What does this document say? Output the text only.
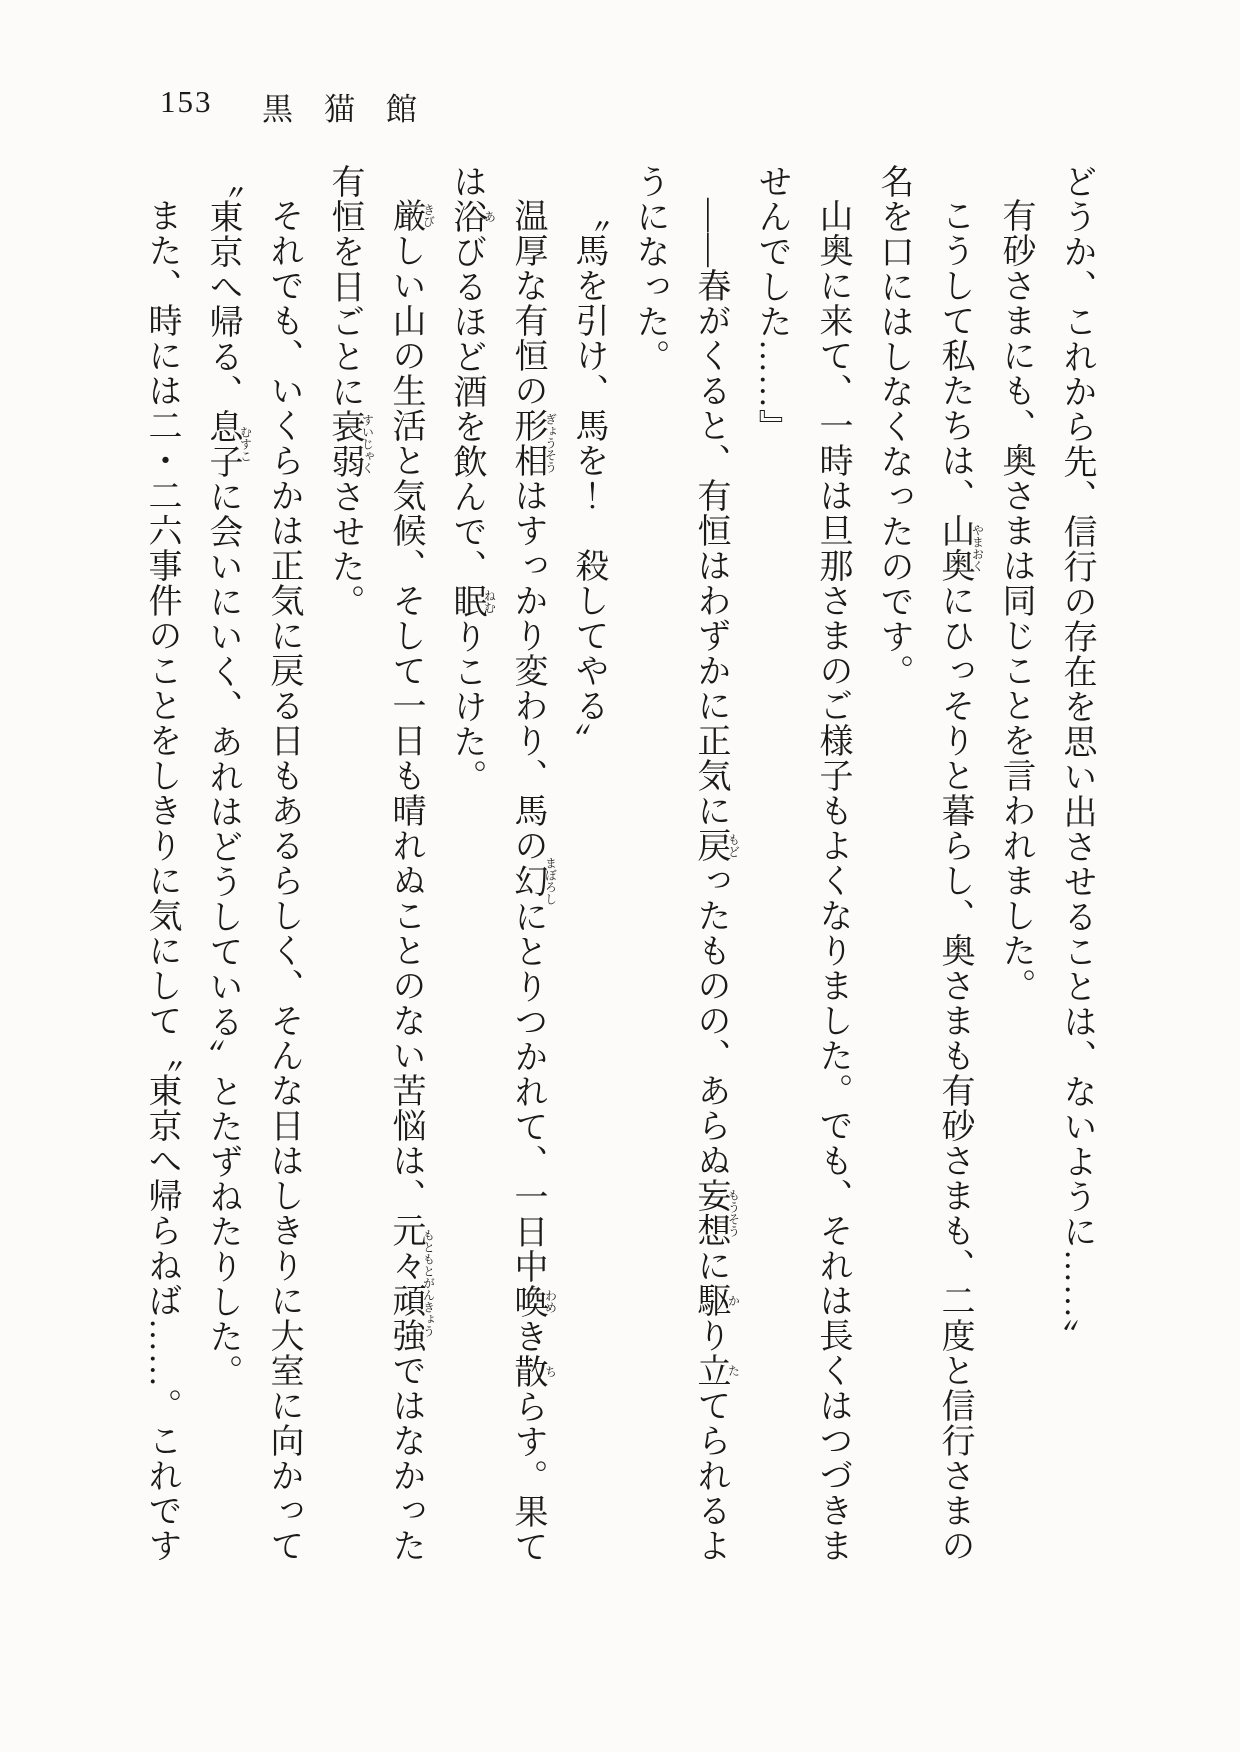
153 黒　猫　館

どうか、これから先、信行の存在を思い出させることは、ないように……〟

有砂さまにも、奥さまは同じことを言われました。

こうして私たちは、山奥やまおくにひっそりと暮らし、奥さまも有砂さまも、二度と信行さまの名を口にはしなくなったのです。

山奥に来て、一時は旦那さまのご様子もよくなりました。でも、それは長くはつづきませんでした……』

――春がくると、有恒はわずかに正気に戻もどったものの、あらぬ妄想もうそうに駆かり立たてられるようになった。

〝馬を引け、馬を！　殺してやる〟

温厚な有恒の形相ぎょうそうはすっかり変わり、馬の幻まぼろしにとりつかれて、一日中喚わめき散ちらす。果ては浴あびるほど酒を飲んで、眠ねむりこけた。

厳きびしい山の生活と気候、そして一日も晴れぬことのない苦悩は、元々頑強もともとがんきょうではなかった有恒を日ごとに衰弱すいじゃくさせた。

それでも、いくらかは正気に戻る日もあるらしく、そんな日はしきりに大室に向かって〝東京へ帰る、息子むすこに会いにいく、あれはどうしている〟とたずねたりした。

また、時には二・二六事件のことをしきりに気にして〝東京へ帰らねば……。これです
